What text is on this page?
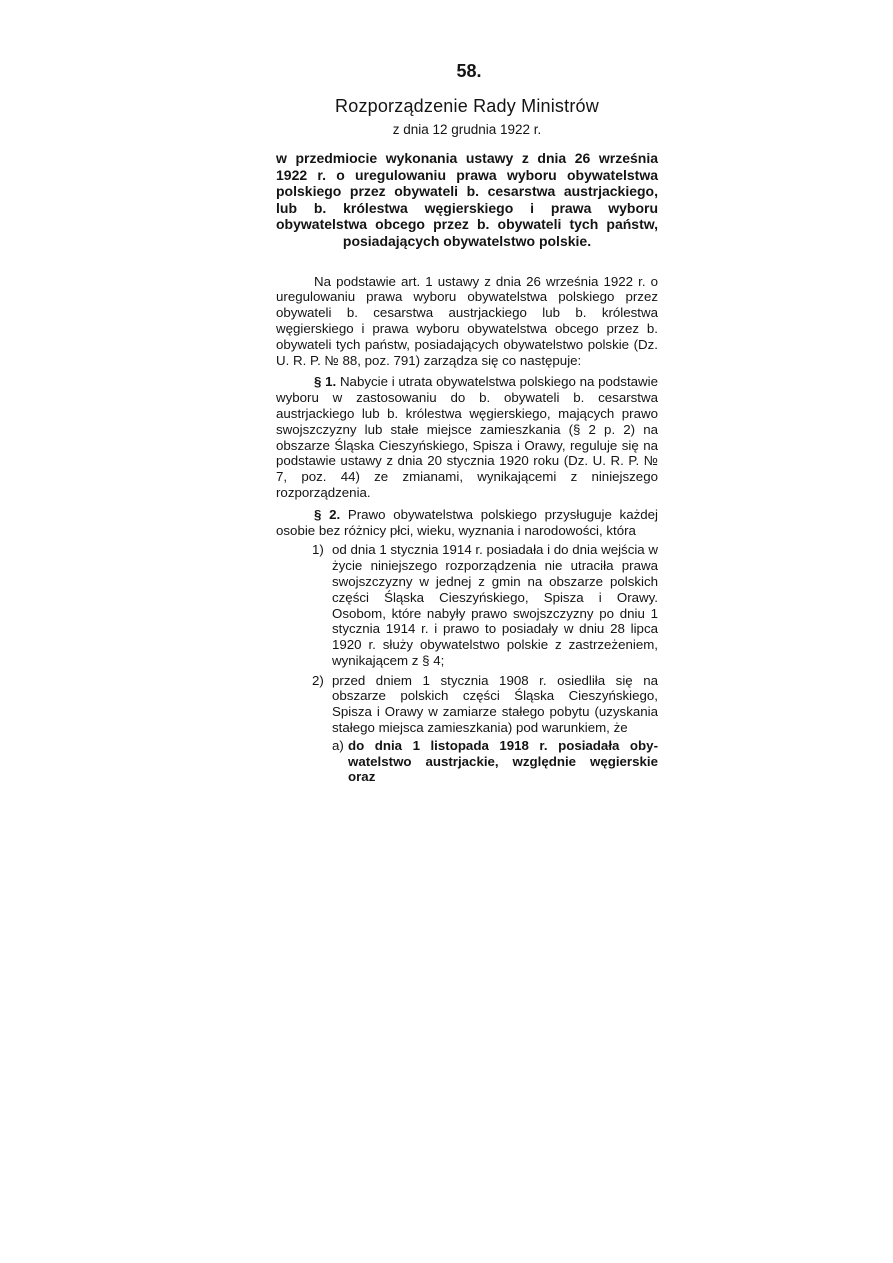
58.
Rozporządzenie Rady Ministrów
z dnia 12 grudnia 1922 r.
w przedmiocie wykonania ustawy z dnia 26 września 1922 r. o uregulowaniu prawa wyboru obywatelstwa polskiego przez obywateli b. cesarstwa austrjackiego, lub b. królestwa węgierskiego i prawa wyboru obywatelstwa obcego przez b. obywateli tych państw, posiadających obywatelstwo polskie.
Na podstawie art. 1 ustawy z dnia 26 września 1922 r. o uregulowaniu prawa wyboru obywatelstwa polskiego przez obywateli b. cesarstwa austrjackiego lub b. królestwa węgierskiego i prawa wyboru obywatelstwa obcego przez b. obywateli tych państw, posiadających obywatelstwo polskie (Dz. U. R. P. № 88, poz. 791) zarządza się co następuje:
§ 1. Nabycie i utrata obywatelstwa polskiego na podstawie wyboru w zastosowaniu do b. obywateli b. cesarstwa austrjackiego lub b. królestwa węgierskiego, mających prawo swojszczyzny lub stałe miejsce zamieszkania (§ 2 p. 2) na obszarze Śląska Cieszyńskiego, Spisza i Orawy, reguluje się na podstawie ustawy z dnia 20 stycznia 1920 roku (Dz. U. R. P. № 7, poz. 44) ze zmianami, wynikającemi z niniejszego rozporządzenia.
§ 2. Prawo obywatelstwa polskiego przysługuje każdej osobie bez różnicy płci, wieku, wyznania i narodowości, która
1) od dnia 1 stycznia 1914 r. posiadała i do dnia wejścia w życie niniejszego rozporządzenia nie utraciła prawa swojszczyzny w jednej z gmin na obszarze polskich części Śląska Cieszyńskiego, Spisza i Orawy. Osobom, które nabyły prawo swojszczyzny po dniu 1 stycznia 1914 r. i prawo to posiadały w dniu 28 lipca 1920 r. służy obywatelstwo polskie z zastrzeżeniem, wynikającem z § 4;
2) przed dniem 1 stycznia 1908 r. osiedliła się na obszarze polskich części Śląska Cieszyńskiego, Spisza i Orawy w zamiarze stałego pobytu (uzyskania stałego miejsca zamieszkania) pod warunkiem, że
a) do dnia 1 listopada 1918 r. posiadała obywatelstwo austrjackie, względnie węgierskie oraz
